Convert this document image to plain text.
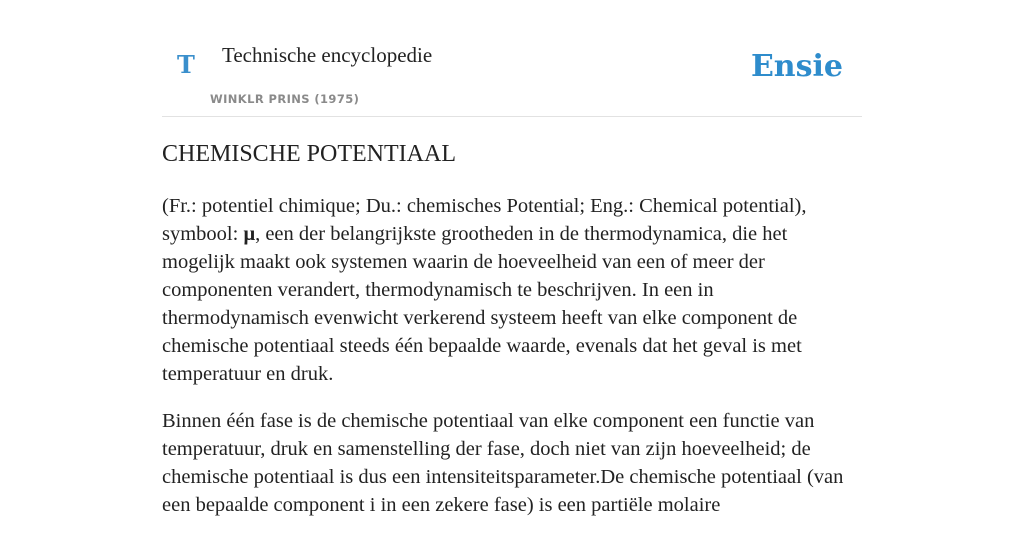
T Technische encyclopedie
WINKLR PRINS (1975)
Ensie
CHEMISCHE POTENTIAAL

(Fr.: potentiel chimique; Du.: chemisches Potential; Eng.: Chemical potential), symbool: μ, een der belangrijkste grootheden in de thermodynamica, die het mogelijk maakt ook systemen waarin de hoeveelheid van een of meer der componenten verandert, thermodynamisch te beschrijven. In een in thermodynamisch evenwicht verkerend systeem heeft van elke component de chemische potentiaal steeds één bepaalde waarde, evenals dat het geval is met temperatuur en druk.

Binnen één fase is de chemische potentiaal van elke component een functie van temperatuur, druk en samenstelling der fase, doch niet van zijn hoeveelheid; de chemische potentiaal is dus een intensiteitsparameter.De chemische potentiaal (van een bepaalde component i in een zekere fase) is een partiële molaire
